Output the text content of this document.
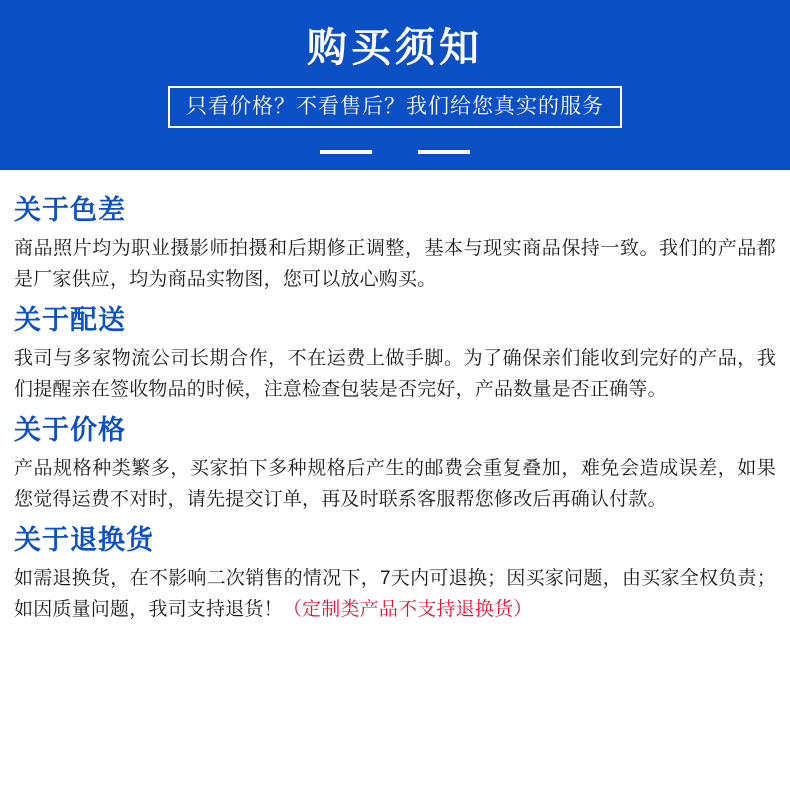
购买须知
只看价格？不看售后？我们给您真实的服务
关于色差
商品照片均为职业摄影师拍摄和后期修正调整，基本与现实商品保持一致。我们的产品都是厂家供应，均为商品实物图，您可以放心购买。
关于配送
我司与多家物流公司长期合作，不在运费上做手脚。为了确保亲们能收到完好的产品，我们提醒亲在签收物品的时候，注意检查包装是否完好，产品数量是否正确等。
关于价格
产品规格种类繁多，买家拍下多种规格后产生的邮费会重复叠加，难免会造成误差，如果您觉得运费不对时，请先提交订单，再及时联系客服帮您修改后再确认付款。
关于退换货
如需退换货，在不影响二次销售的情况下，7天内可退换；因买家问题，由买家全权负责；如因质量问题，我司支持退货！（定制类产品不支持退换货）
